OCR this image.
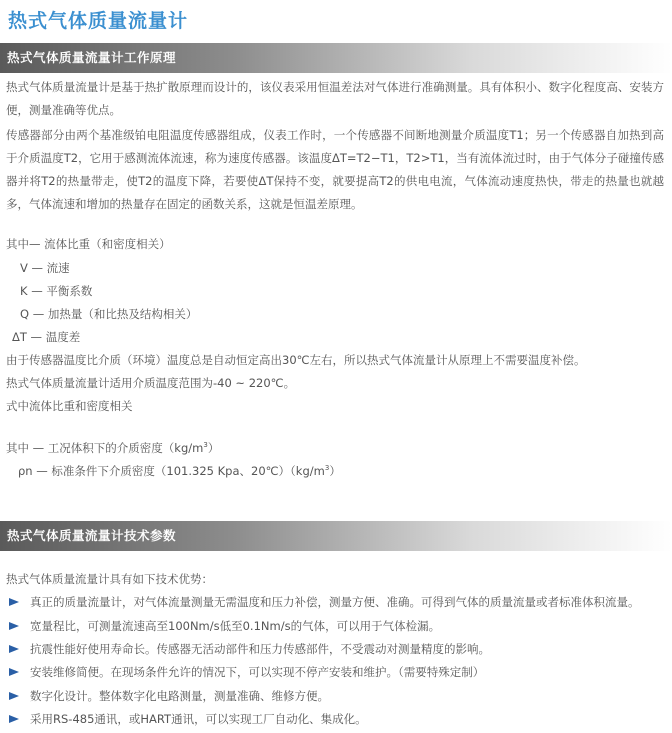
热式气体质量流量计
热式气体质量流量计工作原理
热式气体质量流量计是基于热扩散原理而设计的，该仪表采用恒温差法对气体进行准确测量。具有体积小、数字化程度高、安装方便，测量准确等优点。
传感器部分由两个基准级铂电阻温度传感器组成，仪表工作时，一个传感器不间断地测量介质温度T1；另一个传感器自加热到高于介质温度T2，它用于感测流体流速，称为速度传感器。该温度ΔT=T2−T1，T2>T1，当有流体流过时，由于气体分子碰撞传感器并将T2的热量带走，使T2的温度下降，若要使ΔT保持不变，就要提高T2的供电电流，气体流动速度热快，带走的热量也就越多，气体流速和增加的热量存在固定的函数关系，这就是恒温差原理。
其中— 流体比重（和密度相关）
V — 流速
K — 平衡系数
Q — 加热量（和比热及结构相关）
ΔT — 温度差
由于传感器温度比介质（环境）温度总是自动恒定高出30℃左右，所以热式气体流量计从原理上不需要温度补偿。
热式气体质量流量计适用介质温度范围为-40 ~ 220℃。
式中流体比重和密度相关
其中 — 工况体积下的介质密度$(kg/m^3)$
ρn — 标准条件下介质密度（101.325 Kpa、$20℃)(kg/m^3)$
热式气体质量流量计技术参数
热式气体质量流量计具有如下技术优势：
真正的质量流量计，对气体流量测量无需温度和压力补偿，测量方便、准确。可得到气体的质量流量或者标准体积流量。
宽量程比，可测量流速高至100Nm/s低至0.1Nm/s的气体，可以用于气体检漏。
抗震性能好使用寿命长。传感器无活动部件和压力传感部件，不受震动对测量精度的影响。
安装维修简便。在现场条件允许的情况下，可以实现不停产安装和维护。（需要特殊定制）
数字化设计。整体数字化电路测量，测量准确、维修方便。
采用RS-485通讯，或HART通讯，可以实现工厂自动化、集成化。
